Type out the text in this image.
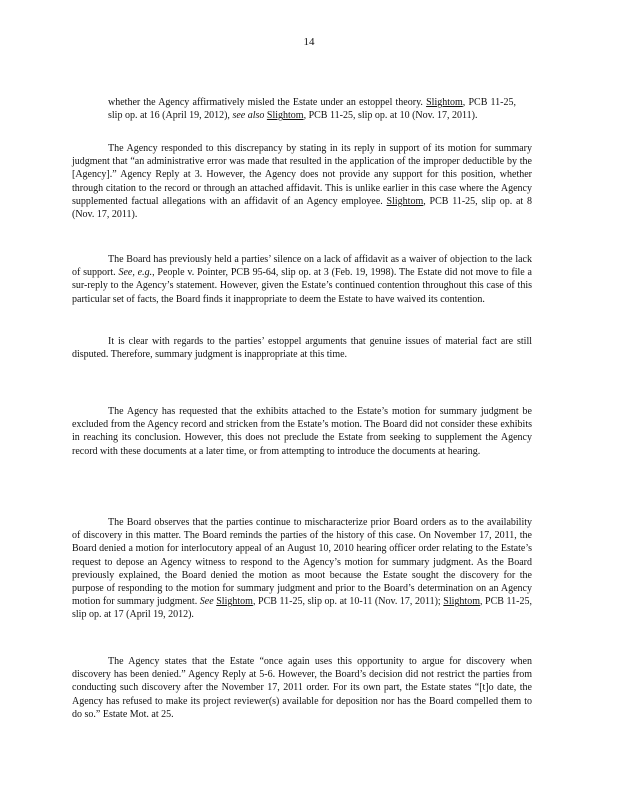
14

whether the Agency affirmatively misled the Estate under an estoppel theory. Slightom, PCB 11-25, slip op. at 16 (April 19, 2012), see also Slightom, PCB 11-25, slip op. at 10 (Nov. 17, 2011).

The Agency responded to this discrepancy by stating in its reply in support of its motion for summary judgment that “an administrative error was made that resulted in the application of the improper deductible by the [Agency].” Agency Reply at 3. However, the Agency does not provide any support for this position, whether through citation to the record or through an attached affidavit. This is unlike earlier in this case where the Agency supplemented factual allegations with an affidavit of an Agency employee. Slightom, PCB 11-25, slip op. at 8 (Nov. 17, 2011).

The Board has previously held a parties’ silence on a lack of affidavit as a waiver of objection to the lack of support. See, e.g., People v. Pointer, PCB 95-64, slip op. at 3 (Feb. 19, 1998). The Estate did not move to file a sur-reply to the Agency’s statement. However, given the Estate’s continued contention throughout this case of this particular set of facts, the Board finds it inappropriate to deem the Estate to have waived its contention.

It is clear with regards to the parties’ estoppel arguments that genuine issues of material fact are still disputed. Therefore, summary judgment is inappropriate at this time.

The Agency has requested that the exhibits attached to the Estate’s motion for summary judgment be excluded from the Agency record and stricken from the Estate’s motion. The Board did not consider these exhibits in reaching its conclusion. However, this does not preclude the Estate from seeking to supplement the Agency record with these documents at a later time, or from attempting to introduce the documents at hearing.

The Board observes that the parties continue to mischaracterize prior Board orders as to the availability of discovery in this matter. The Board reminds the parties of the history of this case. On November 17, 2011, the Board denied a motion for interlocutory appeal of an August 10, 2010 hearing officer order relating to the Estate’s request to depose an Agency witness to respond to the Agency’s motion for summary judgment. As the Board previously explained, the Board denied the motion as moot because the Estate sought the discovery for the purpose of responding to the motion for summary judgment and prior to the Board’s determination on an Agency motion for summary judgment. See Slightom, PCB 11-25, slip op. at 10-11 (Nov. 17, 2011); Slightom, PCB 11-25, slip op. at 17 (April 19, 2012).

The Agency states that the Estate “once again uses this opportunity to argue for discovery when discovery has been denied.” Agency Reply at 5-6. However, the Board’s decision did not restrict the parties from conducting such discovery after the November 17, 2011 order. For its own part, the Estate states “[t]o date, the Agency has refused to make its project reviewer(s) available for deposition nor has the Board compelled them to do so.” Estate Mot. at 25.
